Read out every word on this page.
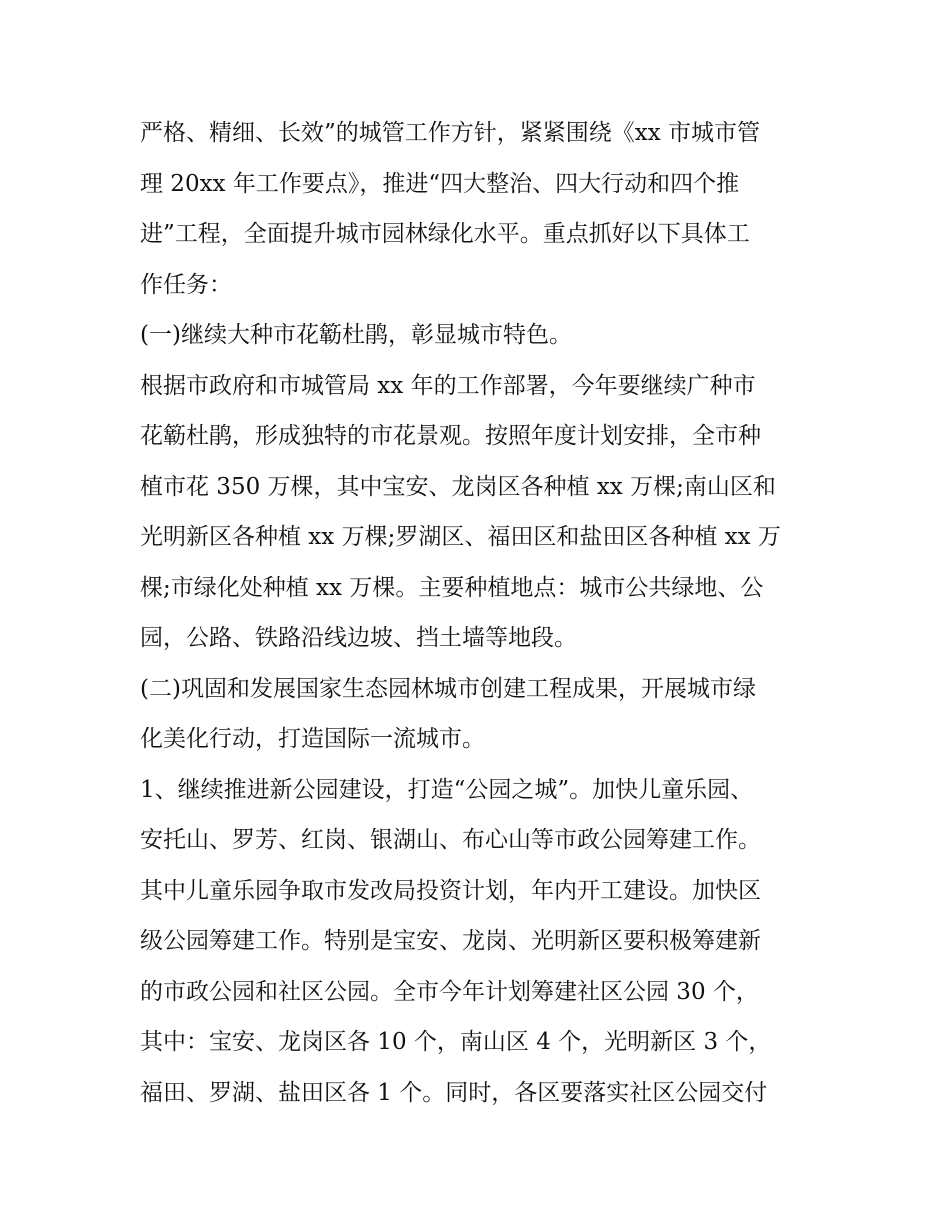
严格、精细、长效”的城管工作方针，紧紧围绕《xx 市城市管
理 20xx 年工作要点》，推进“四大整治、四大行动和四个推
进”工程，全面提升城市园林绿化水平。重点抓好以下具体工
作任务：
(一)继续大种市花簕杜鹃，彰显城市特色。
根据市政府和市城管局 xx 年的工作部署，今年要继续广种市
花簕杜鹃，形成独特的市花景观。按照年度计划安排，全市种
植市花 350 万棵，其中宝安、龙岗区各种植 xx 万棵;南山区和
光明新区各种植 xx 万棵;罗湖区、福田区和盐田区各种植 xx 万
棵;市绿化处种植 xx 万棵。主要种植地点：城市公共绿地、公
园，公路、铁路沿线边坡、挡土墙等地段。
(二)巩固和发展国家生态园林城市创建工程成果，开展城市绿
化美化行动，打造国际一流城市。
1、继续推进新公园建设，打造“公园之城”。加快儿童乐园、
安托山、罗芳、红岗、银湖山、布心山等市政公园筹建工作。
其中儿童乐园争取市发改局投资计划，年内开工建设。加快区
级公园筹建工作。特别是宝安、龙岗、光明新区要积极筹建新
的市政公园和社区公园。全市今年计划筹建社区公园 30 个，
其中：宝安、龙岗区各 10 个，南山区 4 个，光明新区 3 个，
福田、罗湖、盐田区各 1 个。同时，各区要落实社区公园交付
